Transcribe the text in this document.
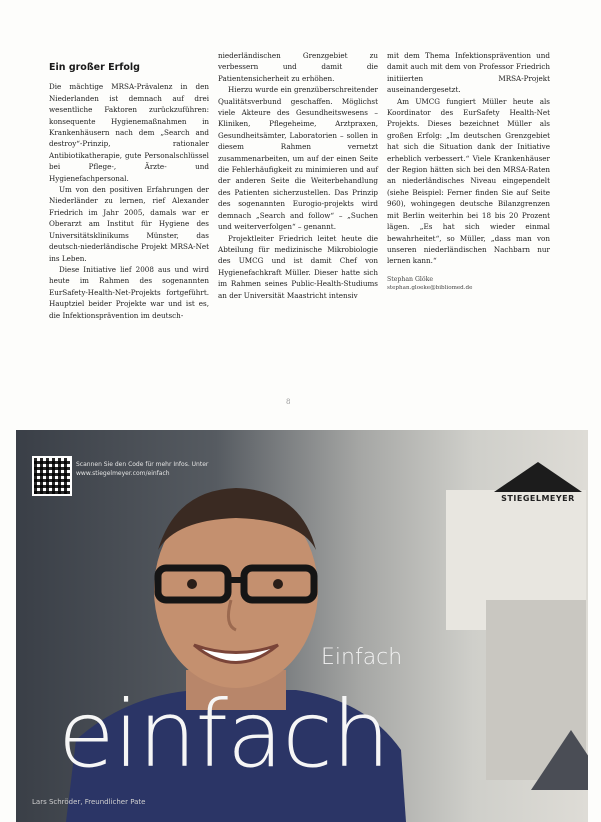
Ein großer Erfolg

Die mächtige MRSA-Prävalenz in den Niederlanden ist demnach auf drei wesentliche Faktoren zurückzuführen: konsequente Hygienemaßnahmen in Krankenhäusern nach dem „Search and destroy“-Prinzip, rationaler Antibiotikatherapie, gute Personalschlüssel bei Pflege-, Ärzte- und Hygienefachpersonal.

Um von den positiven Erfahrungen der Niederländer zu lernen, rief Alexander Friedrich im Jahr 2005, damals war er Oberarzt am Institut für Hygiene des Universitätsklinikums Münster, das deutsch-niederländische Projekt MRSA-Net ins Leben.

Diese Initiative lief 2008 aus und wird heute im Rahmen des sogenannten EurSafety-Health-Net-Projekts fortgeführt. Hauptziel beider Projekte war und ist es, die Infektionsprävention im deutsch-

niederländischen Grenzgebiet zu verbessern und damit die Patientensicherheit zu erhöhen.

Hierzu wurde ein grenzüberschreitender Qualitätsverbund geschaffen. Möglichst viele Akteure des Gesundheitswesens – Kliniken, Pflegeheime, Arztpraxen, Gesundheitsämter, Laboratorien – sollen in diesem Rahmen vernetzt zusammenarbeiten, um auf der einen Seite die Fehlerhäufigkeit zu minimieren und auf der anderen Seite die Weiterbehandlung des Patienten sicherzustellen. Das Prinzip des sogenannten Eurogio-projekts wird demnach „Search and follow“ – „Suchen und weiterverfolgen“ – genannt.

Projektleiter Friedrich leitet heute die Abteilung für medizinische Mikrobiologie des UMCG und ist damit Chef von Hygienefachkraft Müller. Dieser hatte sich im Rahmen seines Public-Health-Studiums an der Universität Maastricht intensiv

mit dem Thema Infektionsprävention und damit auch mit dem von Professor Friedrich initiierten MRSA-Projekt auseinandergesetzt.

Am UMCG fungiert Müller heute als Koordinator des EurSafety Health-Net Projekts. Dieses bezeichnet Müller als großen Erfolg: „Im deutschen Grenzgebiet hat sich die Situation dank der Initiative erheblich verbessert.“ Viele Krankenhäuser der Region hätten sich bei den MRSA-Raten an niederländisches Niveau eingependelt (siehe Beispiel: Ferner finden Sie auf Seite 960), wohingegen deutsche Bilanzgrenzen mit Berlin weiterhin bei 18 bis 20 Prozent lägen. „Es hat sich wieder einmal bewahrheitet“, so Müller, „dass man von unseren niederländischen Nachbarn nur lernen kann.“

Stephan Glöke
stephan.gloeke@bibliomed.de
8
Scannen Sie den Code für mehr Infos. Unter www.stiegelmeyer.com/einfach
STIEGELMEYER
Einfach
einfach
Lars Schröder, Freundlicher Pate
